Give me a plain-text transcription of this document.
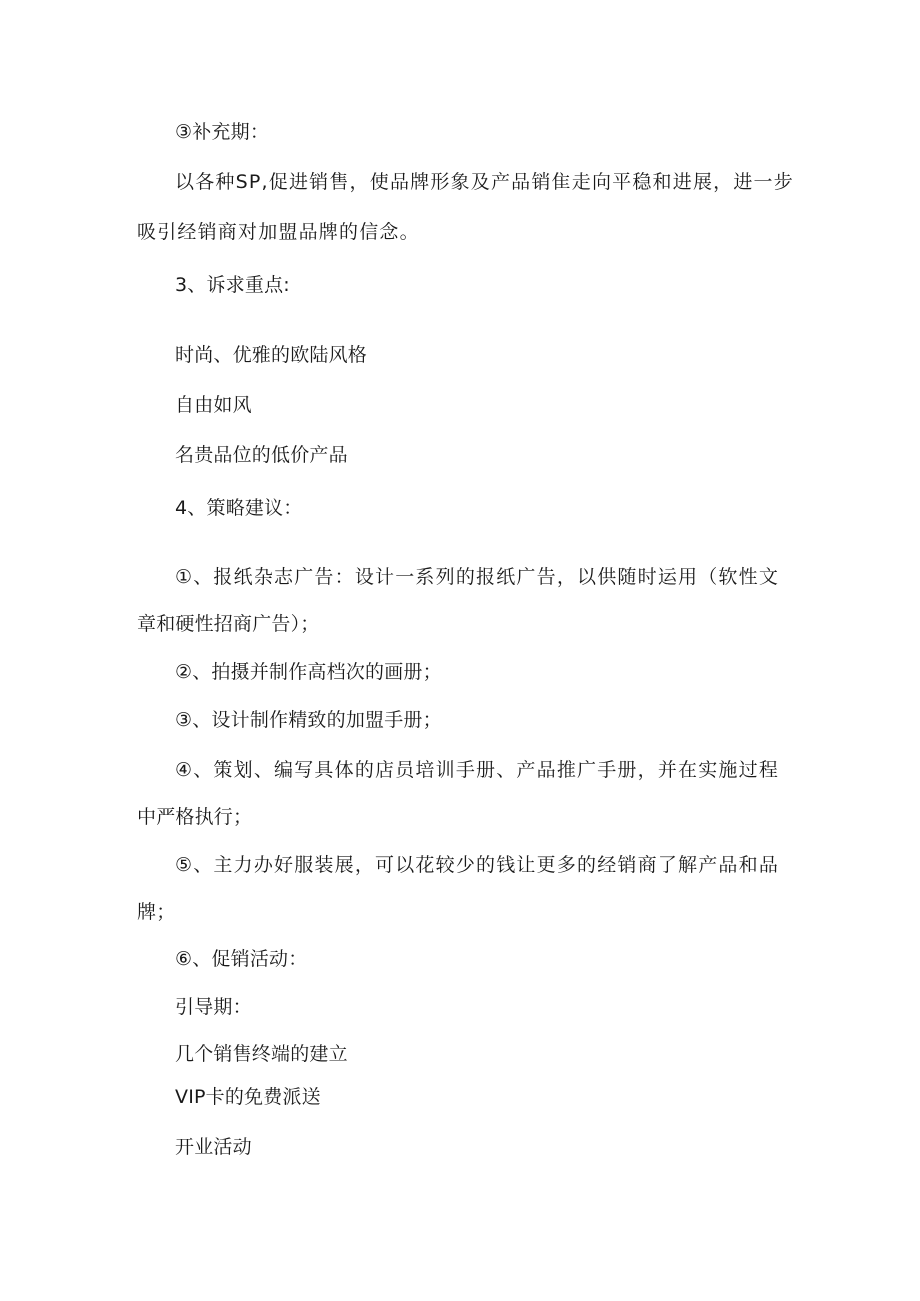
③补充期：
以各种SP,促进销售，使品牌形象及产品销隹走向平稳和进展，进一步
吸引经销商对加盟品牌的信念。
3、诉求重点:
时尚、优雅的欧陆风格
自由如风
名贵品位的低价产品
4、策略建议：
①、报纸杂志广告：设计一系列的报纸广告，以供随时运用（软性文
章和硬性招商广告）；
②、拍摄并制作高档次的画册；
③、设计制作精致的加盟手册；
④、策划、编写具体的店员培训手册、产品推广手册，并在实施过程
中严格执行；
⑤、主力办好服装展，可以花较少的钱让更多的经销商了解产品和品
牌；
⑥、促销活动：
引导期：
几个销售终端的建立
VIP卡的免费派送
开业活动
